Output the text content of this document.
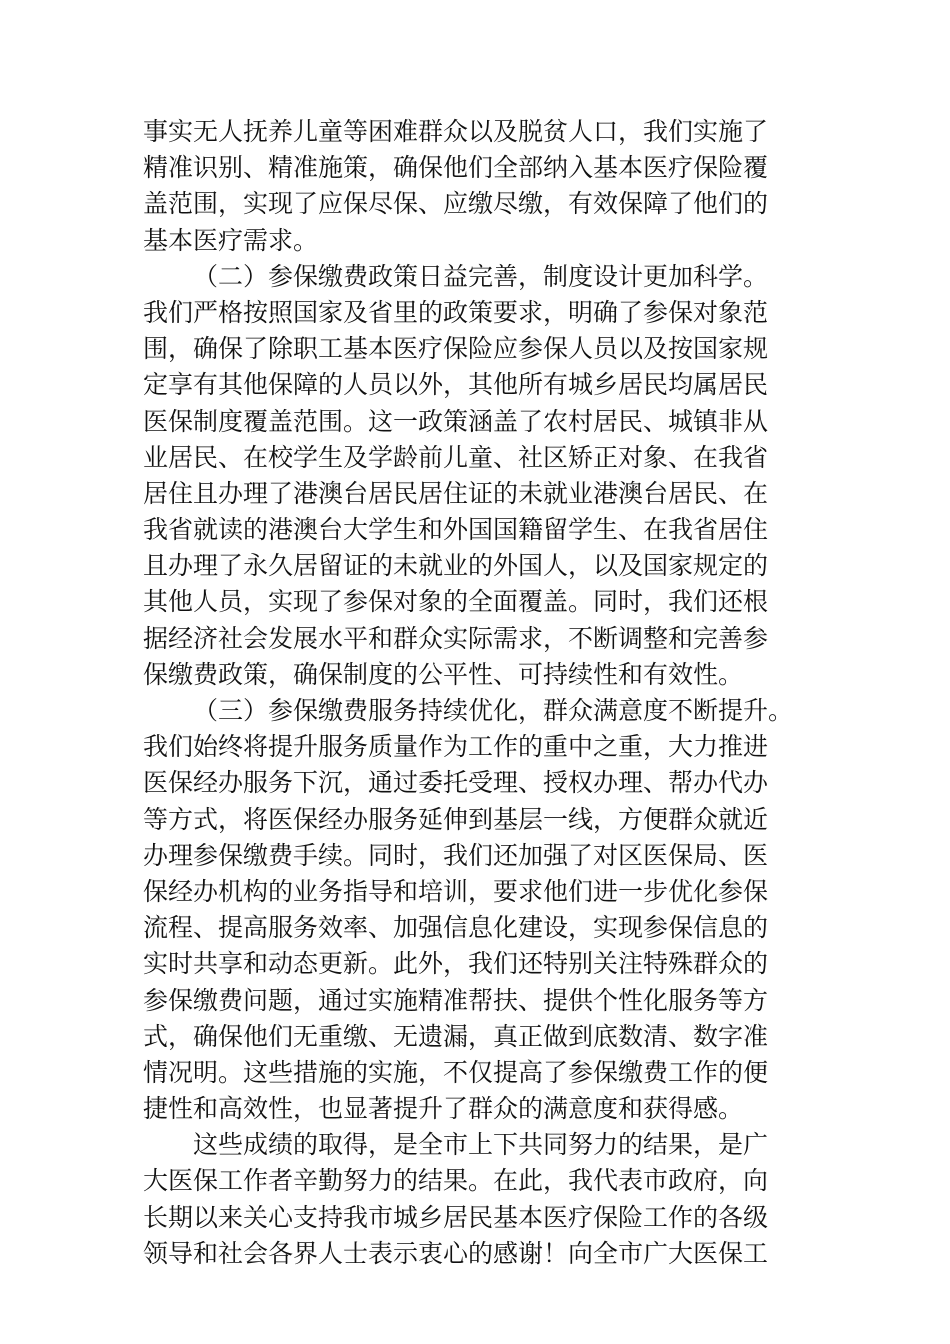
事实无人抚养儿童等困难群众以及脱贫人口，我们实施了
精准识别、精准施策，确保他们全部纳入基本医疗保险覆
盖范围，实现了应保尽保、应缴尽缴，有效保障了他们的
基本医疗需求。
（二）参保缴费政策日益完善，制度设计更加科学。
我们严格按照国家及省里的政策要求，明确了参保对象范
围，确保了除职工基本医疗保险应参保人员以及按国家规
定享有其他保障的人员以外，其他所有城乡居民均属居民
医保制度覆盖范围。这一政策涵盖了农村居民、城镇非从
业居民、在校学生及学龄前儿童、社区矫正对象、在我省
居住且办理了港澳台居民居住证的未就业港澳台居民、在
我省就读的港澳台大学生和外国国籍留学生、在我省居住
且办理了永久居留证的未就业的外国人，以及国家规定的
其他人员，实现了参保对象的全面覆盖。同时，我们还根
据经济社会发展水平和群众实际需求，不断调整和完善参
保缴费政策，确保制度的公平性、可持续性和有效性。
（三）参保缴费服务持续优化，群众满意度不断提升。
我们始终将提升服务质量作为工作的重中之重，大力推进
医保经办服务下沉，通过委托受理、授权办理、帮办代办
等方式，将医保经办服务延伸到基层一线，方便群众就近
办理参保缴费手续。同时，我们还加强了对区医保局、医
保经办机构的业务指导和培训，要求他们进一步优化参保
流程、提高服务效率、加强信息化建设，实现参保信息的
实时共享和动态更新。此外，我们还特别关注特殊群众的
参保缴费问题，通过实施精准帮扶、提供个性化服务等方
式，确保他们无重缴、无遗漏，真正做到底数清、数字准
情况明。这些措施的实施，不仅提高了参保缴费工作的便
捷性和高效性，也显著提升了群众的满意度和获得感。
这些成绩的取得，是全市上下共同努力的结果，是广
大医保工作者辛勤努力的结果。在此，我代表市政府，向
长期以来关心支持我市城乡居民基本医疗保险工作的各级
领导和社会各界人士表示衷心的感谢！向全市广大医保工
